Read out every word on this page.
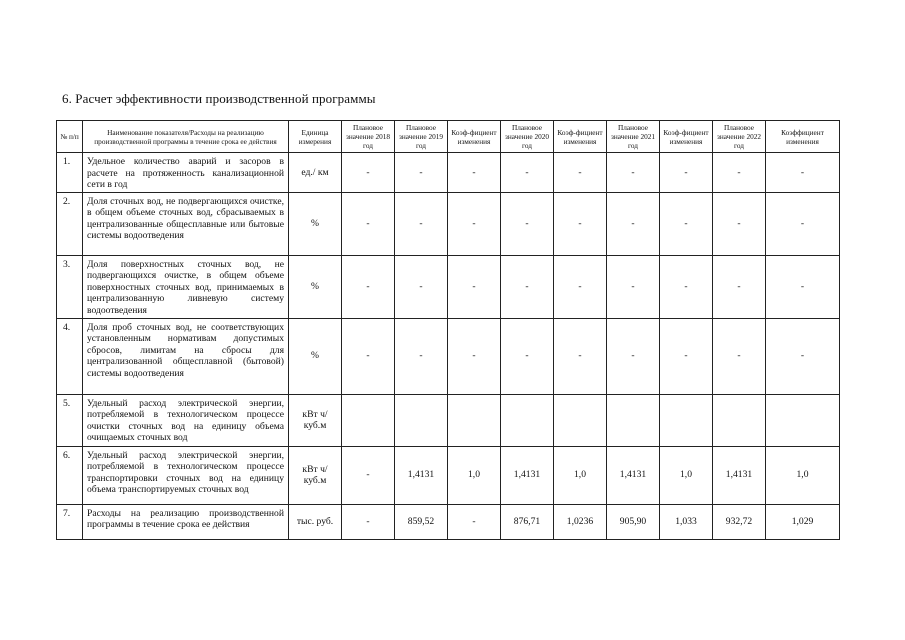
6. Расчет эффективности производственной программы
№ п/п	Наименование показателя/Расходы на реализацию производственной программы в течение срока ее действия	Единица измерения	Плановое значение 2018 год	Плановое значение 2019 год	Коэф-фициент изменения	Плановое значение 2020 год	Коэф-фициент изменения	Плановое значение 2021 год	Коэф-фициент изменения	Плановое значение 2022 год	Коэффициент изменения
1.	Удельное количество аварий и засоров в расчете на протяженность канализационной сети в год	ед./ км	-	-	-	-	-	-	-	-	-
2.	Доля сточных вод, не подвергающихся очистке, в общем объеме сточных вод, сбрасываемых в централизованные общесплавные или бытовые системы водоотведения	%	-	-	-	-	-	-	-	-	-
3.	Доля поверхностных сточных вод, не подвергающихся очистке, в общем объеме поверхностных сточных вод, принимаемых в централизованную ливневую систему водоотведения	%	-	-	-	-	-	-	-	-	-
4.	Доля проб сточных вод, не соответствующих установленным нормативам допустимых сбросов, лимитам на сбросы для централизованной общесплавной (бытовой) системы водоотведения	%	-	-	-	-	-	-	-	-	-
5.	Удельный расход электрической энергии, потребляемой в технологическом процессе очистки сточных вод на единицу объема очищаемых сточных вод	кВт ч/куб.м									
6.	Удельный расход электрической энергии, потребляемой в технологическом процессе транспортировки сточных вод на единицу объема транспортируемых сточных вод	кВт ч/куб.м	-	1,4131	1,0	1,4131	1,0	1,4131	1,0	1,4131	1,0
7.	Расходы на реализацию производственной программы в течение срока ее действия	тыс. руб.	-	859,52	-	876,71	1,0236	905,90	1,033	932,72	1,029
